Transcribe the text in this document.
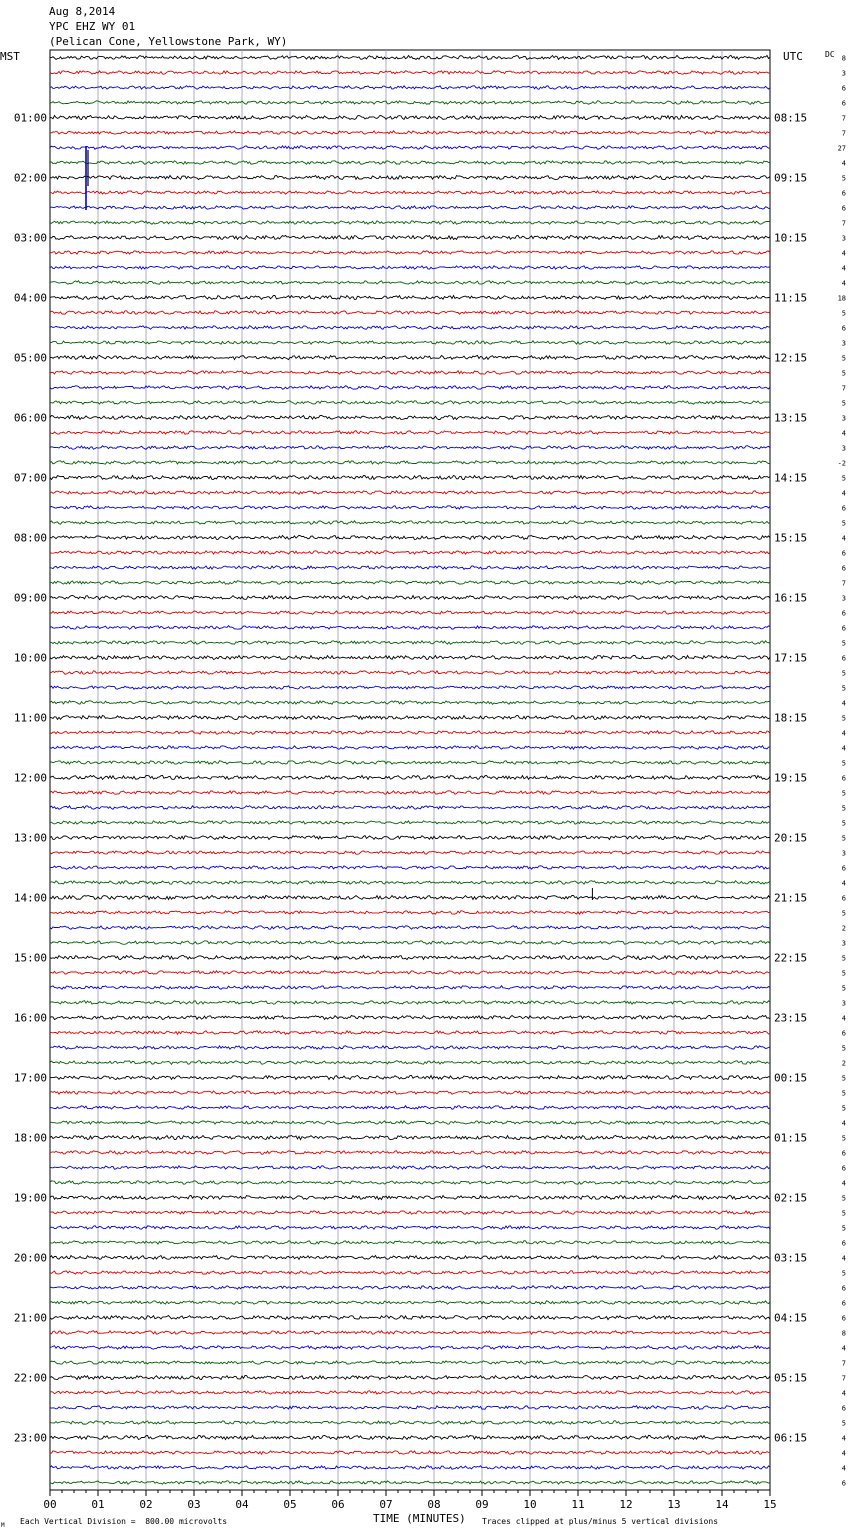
Aug 8,2014
YPC EHZ WY 01
(Pelican Cone, Yellowstone Park, WY)
MST	UTC	DC
01:00
02:00
03:00
04:00
05:00
06:00
07:00
08:00
09:00
10:00
11:00
12:00
13:00
14:00
15:00
16:00
17:00
18:00
19:00
20:00
21:00
22:00
23:00
08:15
09:15
10:15
11:15
12:15
13:15
14:15
15:15
16:15
17:15
18:15
19:15
20:15
21:15
22:15
23:15
00:15
01:15
02:15
03:15
04:15
05:15
06:15
8
3
6
6
7
7
27
4
5
6
6
7
3
4
4
4
18
5
6
3
5
5
7
5
3
4
3
-2
5
4
6
5
4
6
6
7
3
6
6
5
6
5
5
4
5
4
4
5
6
5
5
5
5
3
6
4
6
5
2
3
5
5
5
3
4
6
5
2
5
5
5
4
5
6
6
4
5
5
5
6
4
5
6
6
6
8
4
7
7
4
6
5
4
4
4
6
00	01	02	03	04	05	06	07	08	09	10	11	12	13	14	15
TIME (MINUTES)
Each Vertical Division =  800.00 microvolts	Traces clipped at plus/minus 5 vertical divisions
M
